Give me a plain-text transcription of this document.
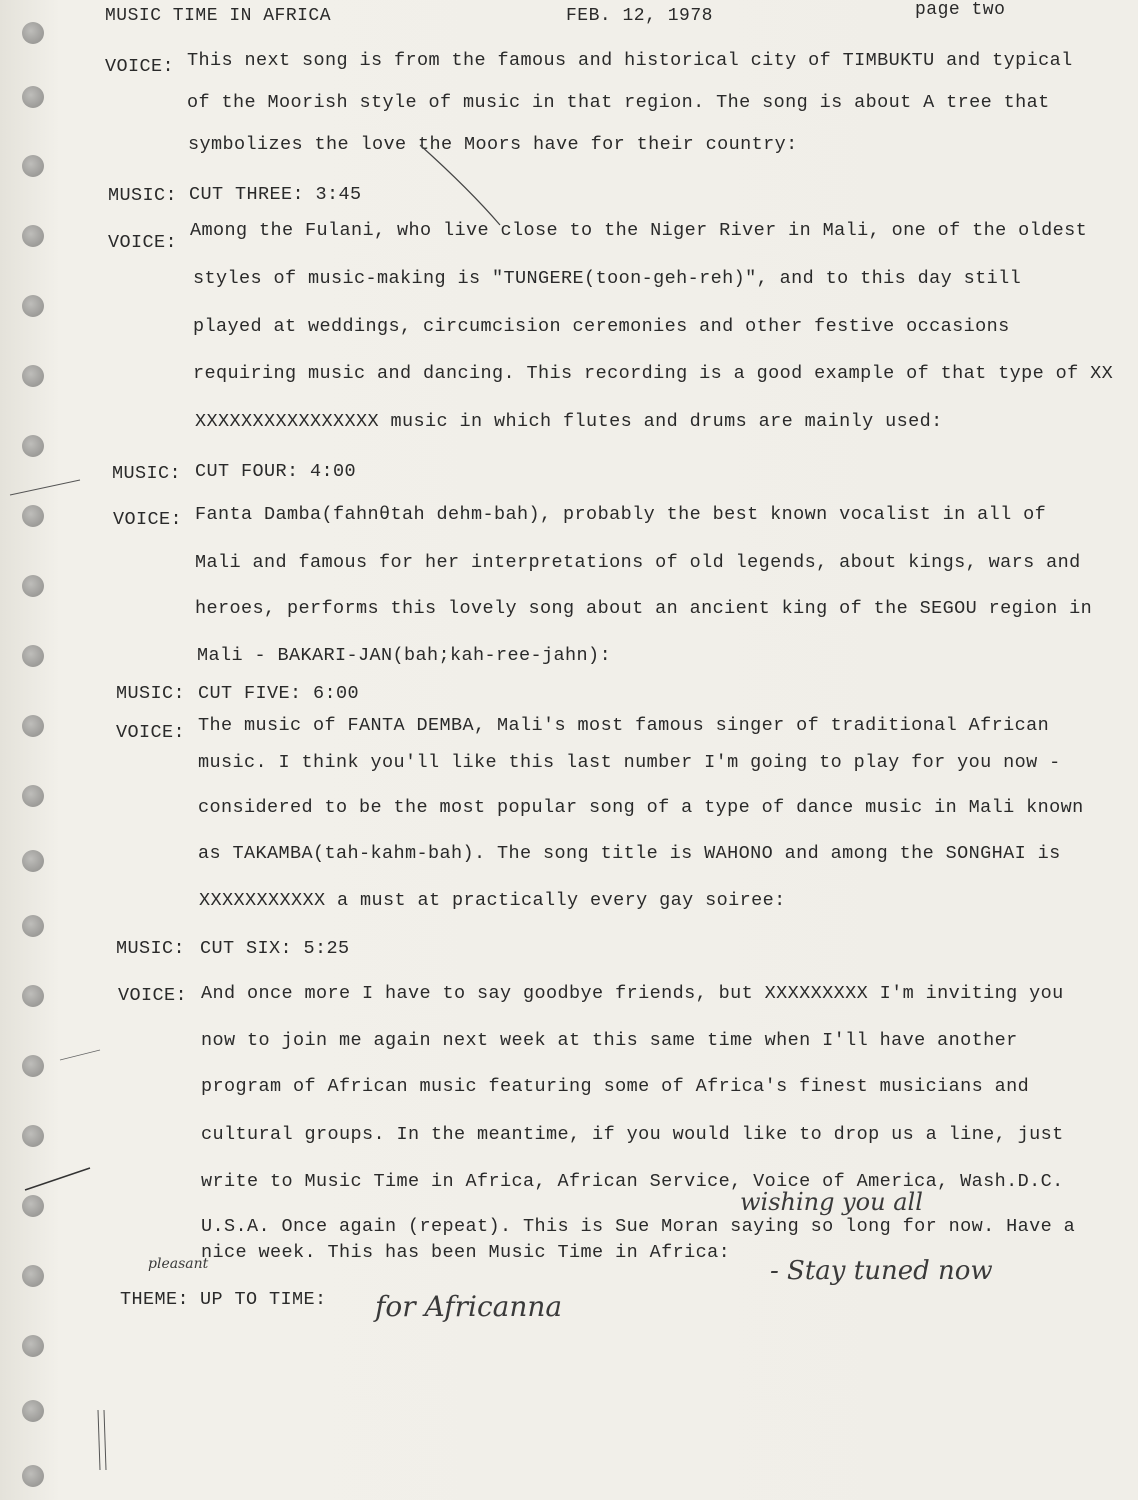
MUSIC TIME IN AFRICA	FEB. 12, 1978	page two
VOICE: This next song is from the famous and historical city of TIMBUKTU and typical
of the Moorish style of music in that region. The song is about A tree that
symbolizes the love the Moors have for their country:
MUSIC: CUT THREE: 3:45
VOICE:
Among the Fulani, who live close to the Niger River in Mali, one of the oldest
styles of music-making is "TUNGERE(toon-geh-reh)", and to this day still
played at weddings, circumcision ceremonies and other festive occasions
requiring music and dancing. This recording is a good example of that type of XX
XXXXXXXXXXXXXXXX music in which flutes and drums are mainly used:
MUSIC: CUT FOUR: 4:00
VOICE: Fanta Damba(fahnθtah dehm-bah), probably the best known vocalist in all of
Mali and famous for her interpretations of old legends, about kings, wars and
heroes, performs this lovely song about an ancient king of the SEGOU region in
Mali - BAKARI-JAN(bah;kah-ree-jahn):
MUSIC: CUT FIVE: 6:00
VOICE: The music of FANTA DEMBA, Mali's most famous singer of traditional African
music. I think you'll like this last number I'm going to play for you now -
considered to be the most popular song of a type of dance music in Mali known
as TAKAMBA(tah-kahm-bah). The song title is WAHONO and among the SONGHAI is
XXXXXXXXXXX a must at practically every gay soiree:
MUSIC: CUT SIX: 5:25
VOICE: And once more I have to say goodbye friends, but XXXXXXXXX I'm inviting you
now to join me again next week at this same time when I'll have another
program of African music featuring some of Africa's finest musicians and
cultural groups. In the meantime, if you would like to drop us a line, just
write to Music Time in Africa, African Service, Voice of America, Wash.D.C.
U.S.A. Once again (repeat). This is Sue Moran saying so long for now. Have a
nice week. This has been Music Time in Africa:
THEME: UP TO TIME:
wishing you all
pleasant	- Stay tuned now
for Africanna
